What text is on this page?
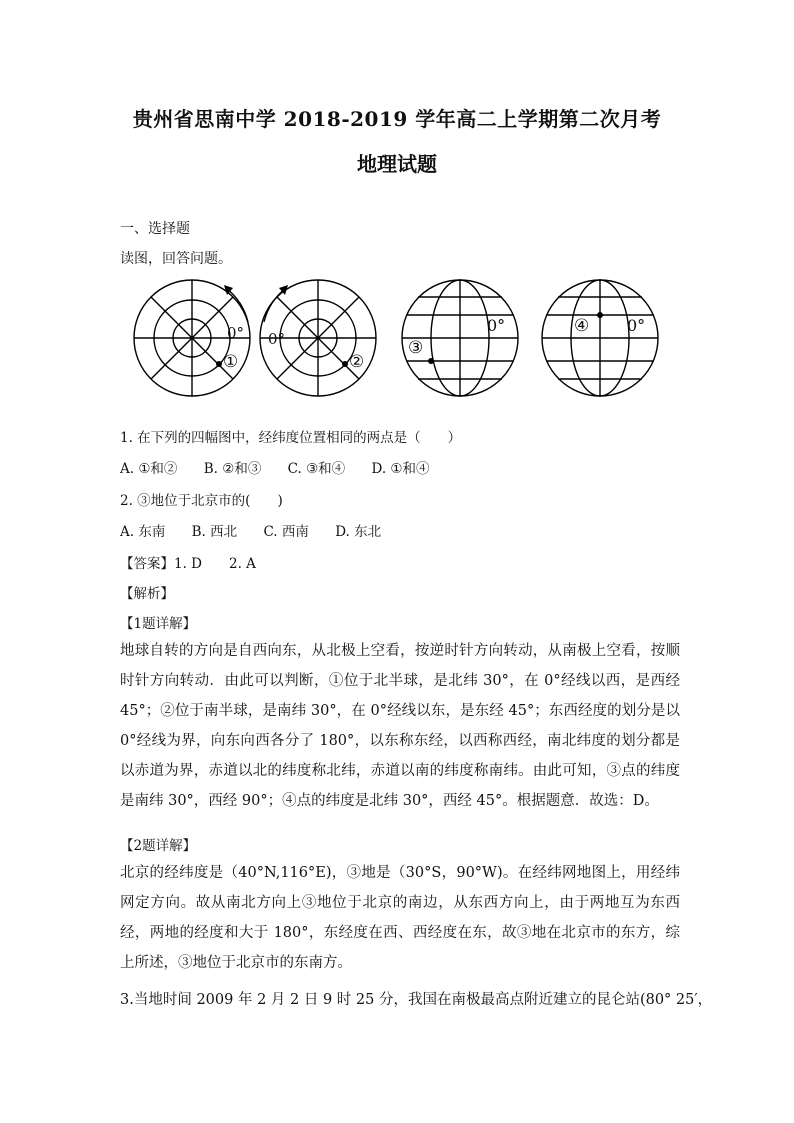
贵州省思南中学 2018-2019 学年高二上学期第二次月考
地理试题
一、选择题
读图，回答问题。
0°
①
0°
②
0°
③
0°
④
1. 在下列的四幅图中，经纬度位置相同的两点是（　　）
A. ①和② B. ②和③ C. ③和④ D. ①和④
2. ③地位于北京市的(　　)
A. 东南 B. 西北 C. 西南 D. 东北
【答案】1. D　　2. A
【解析】
【1题详解】
地球自转的方向是自西向东，从北极上空看，按逆时针方向转动，从南极上空看，按顺时针方向转动．由此可以判断，①位于北半球，是北纬 30°，在 0°经线以西，是西经 45°；②位于南半球，是南纬 30°，在 0°经线以东，是东经 45°；东西经度的划分是以 0°经线为界，向东向西各分了 180°，以东称东经，以西称西经，南北纬度的划分都是以赤道为界，赤道以北的纬度称北纬，赤道以南的纬度称南纬。由此可知，③点的纬度是南纬 30°，西经 90°；④点的纬度是北纬 30°，西经 45°。根据题意．故选：D。
【2题详解】
北京的经纬度是（40°N,116°E)，③地是（30°S，90°W)。在经纬网地图上，用经纬网定方向。故从南北方向上③地位于北京的南边，从东西方向上，由于两地互为东西经，两地的经度和大于 180°，东经度在西、西经度在东，故③地在北京市的东方，综上所述，③地位于北京市的东南方。
3.当地时间 2009 年 2 月 2 日 9 时 25 分，我国在南极最高点附近建立的昆仑站(80° 25′，
